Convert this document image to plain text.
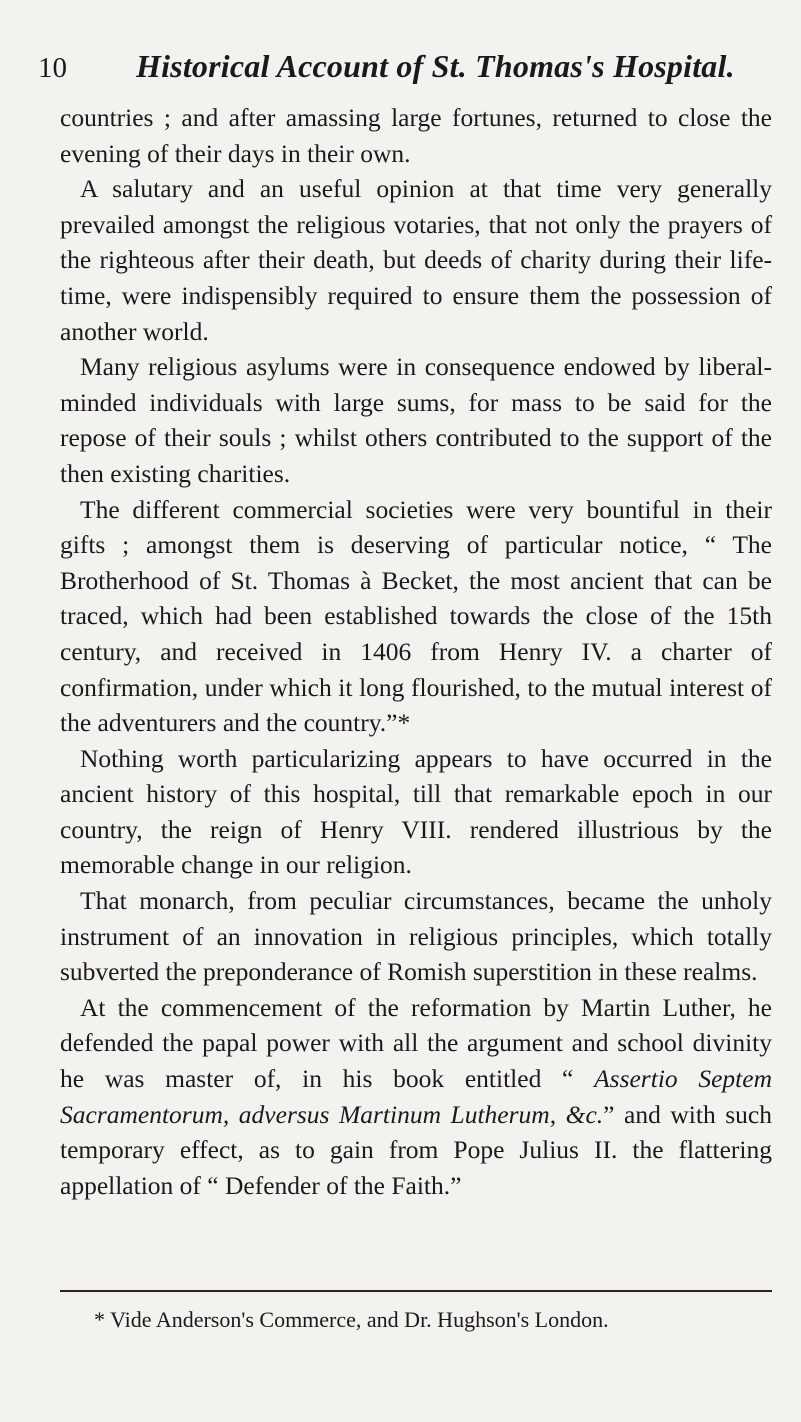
10 Historical Account of St. Thomas's Hospital.

countries ; and after amassing large fortunes, returned to close the evening of their days in their own.

A salutary and an useful opinion at that time very generally prevailed amongst the religious votaries, that not only the prayers of the righteous after their death, but deeds of charity during their life-time, were indispensibly required to ensure them the possession of another world.

Many religious asylums were in consequence endowed by liberal-minded individuals with large sums, for mass to be said for the repose of their souls ; whilst others contributed to the support of the then existing charities.

The different commercial societies were very bountiful in their gifts ; amongst them is deserving of particular notice, “ The Brotherhood of St. Thomas à Becket, the most ancient that can be traced, which had been established towards the close of the 15th century, and received in 1406 from Henry IV. a charter of confirmation, under which it long flourished, to the mutual interest of the adventurers and the country.”*

Nothing worth particularizing appears to have occurred in the ancient history of this hospital, till that remarkable epoch in our country, the reign of Henry VIII. rendered illustrious by the memorable change in our religion.

That monarch, from peculiar circumstances, became the unholy instrument of an innovation in religious principles, which totally subverted the preponderance of Romish superstition in these realms.

At the commencement of the reformation by Martin Luther, he defended the papal power with all the argument and school divinity he was master of, in his book entitled “ Assertio Septem Sacramentorum, adversus Martinum Lutherum, &c.” and with such temporary effect, as to gain from Pope Julius II. the flattering appellation of “ Defender of the Faith.”

* Vide Anderson's Commerce, and Dr. Hughson's London.
